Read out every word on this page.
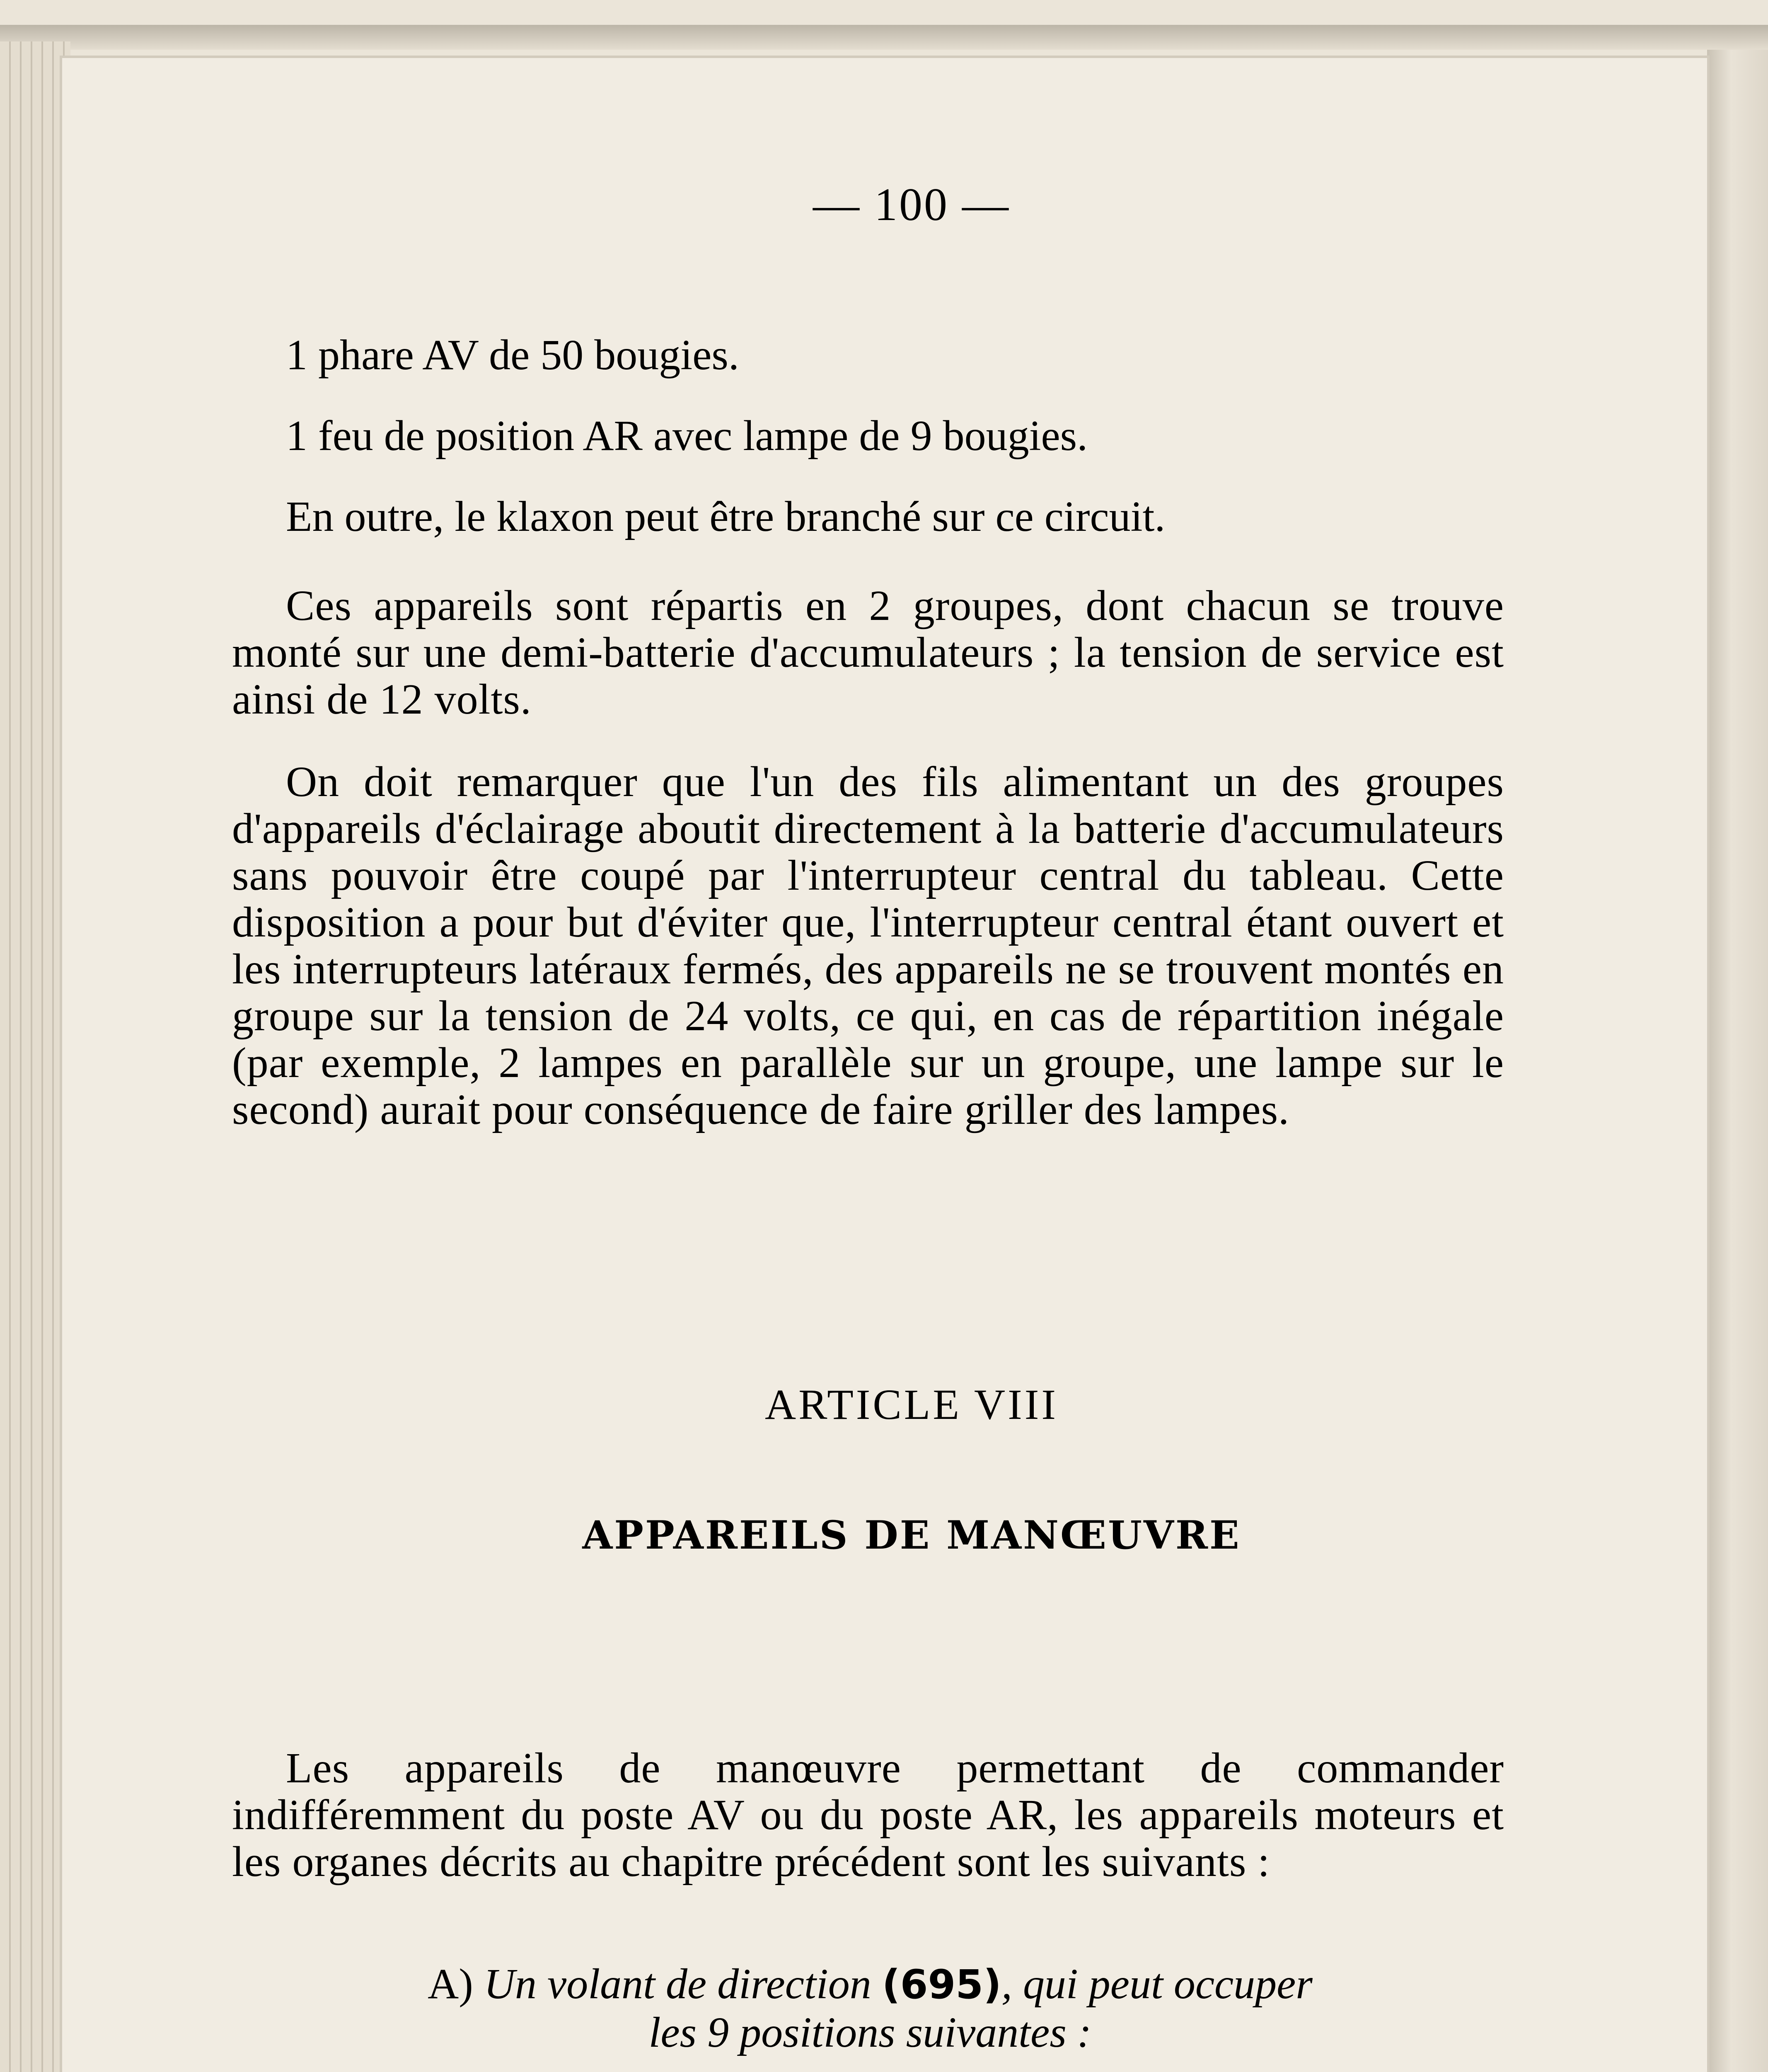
— 100 —
1 phare AV de 50 bougies.
1 feu de position AR avec lampe de 9 bougies.
En outre, le klaxon peut être branché sur ce circuit.

Ces appareils sont répartis en 2 groupes, dont chacun se trouve monté sur une demi-batterie d'accumulateurs ; la tension de service est ainsi de 12 volts.

On doit remarquer que l'un des fils alimentant un des groupes d'appareils d'éclairage aboutit directement à la batterie d'accumulateurs sans pouvoir être coupé par l'interrupteur central du tableau. Cette disposition a pour but d'éviter que, l'interrupteur central étant ouvert et les interrupteurs latéraux fermés, des appareils ne se trouvent montés en groupe sur la tension de 24 volts, ce qui, en cas de répartition inégale (par exemple, 2 lampes en parallèle sur un groupe, une lampe sur le second) aurait pour conséquence de faire griller des lampes.

ARTICLE VIII
APPAREILS DE MANŒUVRE

Les appareils de manœuvre permettant de commander indifféremment du poste AV ou du poste AR, les appareils moteurs et les organes décrits au chapitre précédent sont les suivants :

A) Un volant de direction (695), qui peut occuper
les 9 positions suivantes :
